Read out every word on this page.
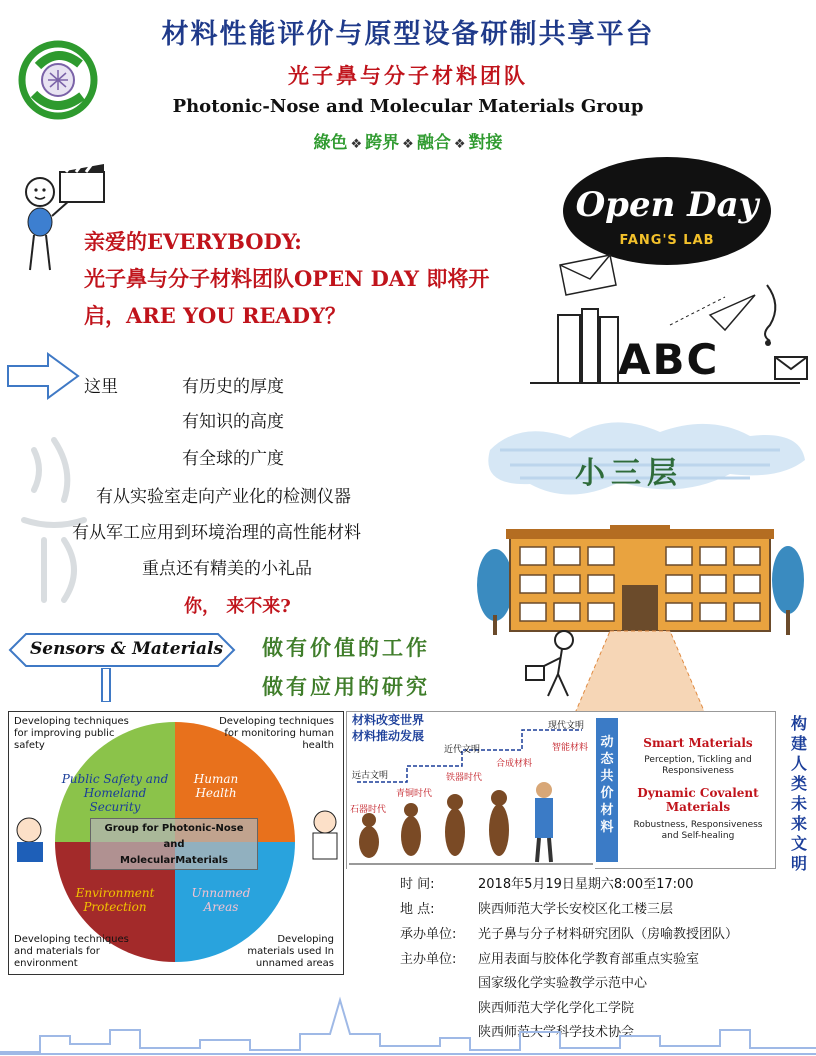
材料性能评价与原型设备研制共享平台
光子鼻与分子材料团队
Photonic-Nose and Molecular Materials Group
綠色 ❖ 跨界 ❖ 融合 ❖ 對接
Open Day
FANG'S LAB
ABC
亲爱的EVERYBODY:
光子鼻与分子材料团队OPEN DAY 即将开
启，ARE YOU READY？
这里	有历史的厚度
有知识的高度
有全球的广度
有从实验室走向产业化的检测仪器
有从军工应用到环境治理的高性能材料
重点还有精美的小礼品
你， 来不来?
小三层
Sensors & Materials 做有价值的工作
做有应用的研究
Developing techniques for improving public safety
Developing techniques for monitoring human health
Developing techniques and materials for environment
Developing materials used In unnamed areas
Public Safety and Homeland Security
Human Health
Environment Protection
Unnamed Areas
Group for Photonic-Nose
and
MolecularMaterials
材料改变世界
材料推动发展
远古文明
近代文明
现代文明
石器时代
青铜时代
铁器时代
合成材料
智能材料 动
态
共
价
材
料
Smart Materials
Perception, Tickling and Responsiveness
Dynamic Covalent Materials
Robustness, Responsiveness and Self-healing
构
建
人
类
未
来
文
明
时 间:	2018年5月19日星期六8:00至17:00
地 点:	陕西师范大学长安校区化工楼三层
承办单位: 光子鼻与分子材料研究团队（房喻教授团队）
主办单位: 应用表面与胶体化学教育部重点实验室
国家级化学实验教学示范中心
陕西师范大学化学化工学院
陕西师范大学科学技术协会
